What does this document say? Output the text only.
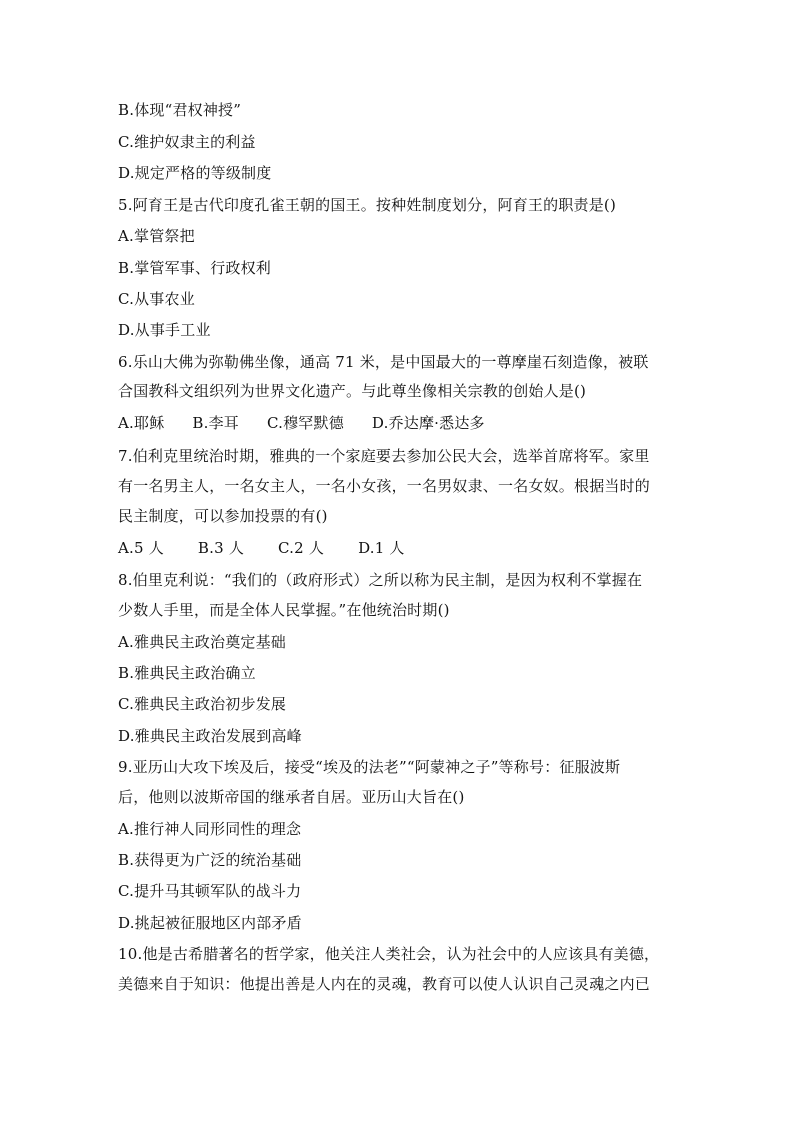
B.体现“君权神授”
C.维护奴隶主的利益
D.规定严格的等级制度
5.阿育王是古代印度孔雀王朝的国王。按种姓制度划分，阿育王的职责是()
A.掌管祭把
B.掌管军事、行政权利
C.从事农业
D.从事手工业
6.乐山大佛为弥勒佛坐像，通高 71 米，是中国最大的一尊摩崖石刻造像，被联
合国教科文组织列为世界文化遗产。与此尊坐像相关宗教的创始人是()
A.耶稣 B.李耳 C.穆罕默德 D.乔达摩·悉达多
7.伯利克里统治时期，雅典的一个家庭要去参加公民大会，选举首席将军。家里
有一名男主人，一名女主人，一名小女孩，一名男奴隶、一名女奴。根据当时的
民主制度，可以参加投票的有()
A.5 人 B.3 人 C.2 人 D.1 人
8.伯里克利说：“我们的（政府形式）之所以称为民主制，是因为权利不掌握在
少数人手里，而是全体人民掌握。”在他统治时期()
A.雅典民主政治奠定基础
B.雅典民主政治确立
C.雅典民主政治初步发展
D.雅典民主政治发展到高峰
9.亚历山大攻下埃及后，接受“埃及的法老”“阿蒙神之子”等称号：征服波斯
后，他则以波斯帝国的继承者自居。亚历山大旨在()
A.推行神人同形同性的理念
B.获得更为广泛的统治基础
C.提升马其顿军队的战斗力
D.挑起被征服地区内部矛盾
10.他是古希腊著名的哲学家，他关注人类社会，认为社会中的人应该具有美德，
美德来自于知识：他提出善是人内在的灵魂，教育可以使人认识自己灵魂之内已
